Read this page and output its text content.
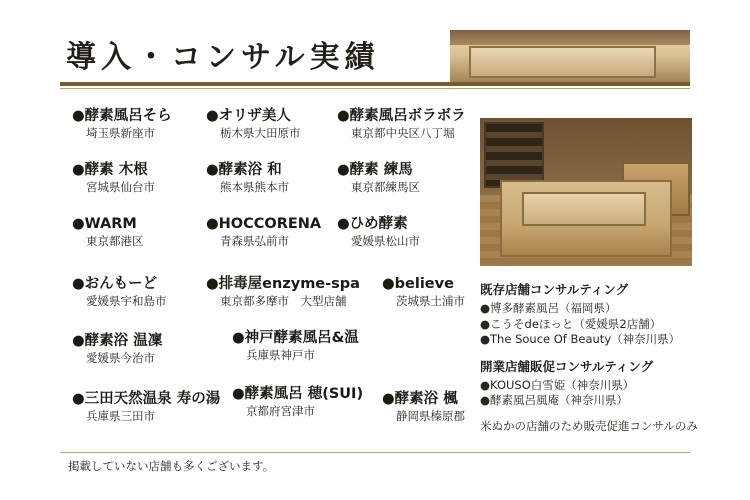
導入・コンサル実績
●酵素風呂そら
埼玉県新座市
●オリザ美人
栃木県大田原市
●酵素風呂ボラボラ
東京都中央区八丁堀
●酵素 木根
宮城県仙台市
●酵素浴 和
熊本県熊本市
●酵素 練馬
東京都練馬区
●WARM
東京都港区
●HOCCORENA
青森県弘前市
●ひめ酵素
愛媛県松山市
●おんもーど
愛媛県宇和島市
●排毒屋enzyme-spa
東京都多摩市　大型店舗
●believe
茨城県土浦市
●酵素浴 温凜
愛媛県今治市
●神戸酵素風呂&温
兵庫県神戸市
●三田天然温泉 寿の湯
兵庫県三田市
●酵素風呂 穂(SUI)
京都府宮津市
●酵素浴 楓
静岡県榛原郡
既存店舗コンサルティング
●博多酵素風呂（福岡県）
●こうそdeほっと（愛媛県2店舗）
●The Souce Of Beauty（神奈川県）
開業店舗販促コンサルティング
●KOUSO白雪姫（神奈川県）
●酵素風呂風庵（神奈川県）
米ぬかの店舗のため販売促進コンサルのみ
掲載していない店舗も多くございます。
